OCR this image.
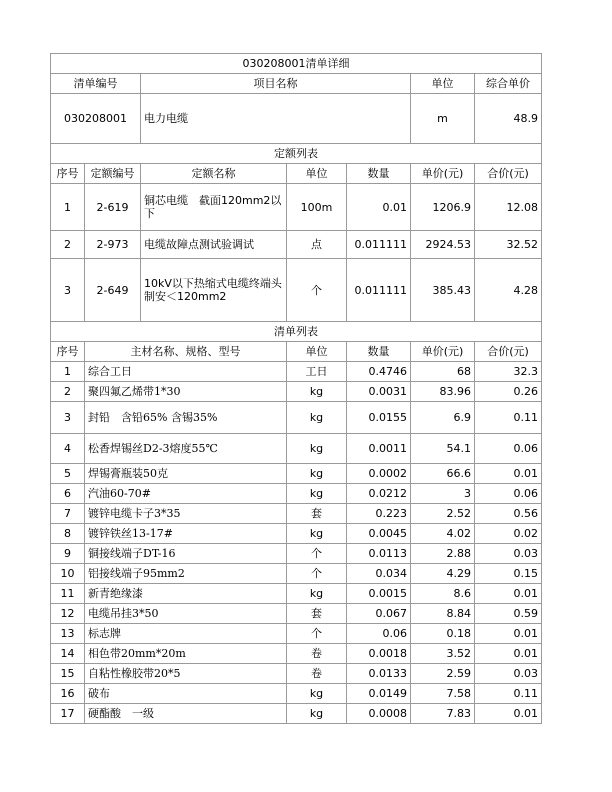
030208001清单详细						
清单编号		项目名称			单位	综合单价
030208001		电力电缆			m	48.9
定额列表						
序号	定额编号	定额名称	单位	数量	单价(元)	合价(元)
1	2-619	铜芯电缆　截面120mm2以下	100m	0.01	1206.9	12.08
2	2-973	电缆故障点测试验调试	点	0.011111	2924.53	32.52
3	2-649	10kV以下热缩式电缆终端头制安＜120mm2	个	0.011111	385.43	4.28
清单列表						
序号	主材名称、规格、型号		单位	数量	单价(元)	合价(元)
1	综合工日		工日	0.4746	68	32.3
2	聚四氟乙烯带1*30		kg	0.0031	83.96	0.26
3	封铅　含铅65% 含锡35%		kg	0.0155	6.9	0.11
4	松香焊锡丝D2-3熔度55℃		kg	0.0011	54.1	0.06
5	焊锡膏瓶装50克		kg	0.0002	66.6	0.01
6	汽油60-70#		kg	0.0212	3	0.06
7	镀锌电缆卡子3*35		套	0.223	2.52	0.56
8	镀锌铁丝13-17#		kg	0.0045	4.02	0.02
9	铜接线端子DT-16		个	0.0113	2.88	0.03
10	铝接线端子95mm2　		个	0.034	4.29	0.15
11	新青绝缘漆		kg	0.0015	8.6	0.01
12	电缆吊挂3*50		套	0.067	8.84	0.59
13	标志牌		个	0.06	0.18	0.01
14	相色带20mm*20m		卷	0.0018	3.52	0.01
15	自粘性橡胶带20*5		卷	0.0133	2.59	0.03
16	破布		kg	0.0149	7.58	0.11
17	硬酯酸　一级		kg	0.0008	7.83	0.01
